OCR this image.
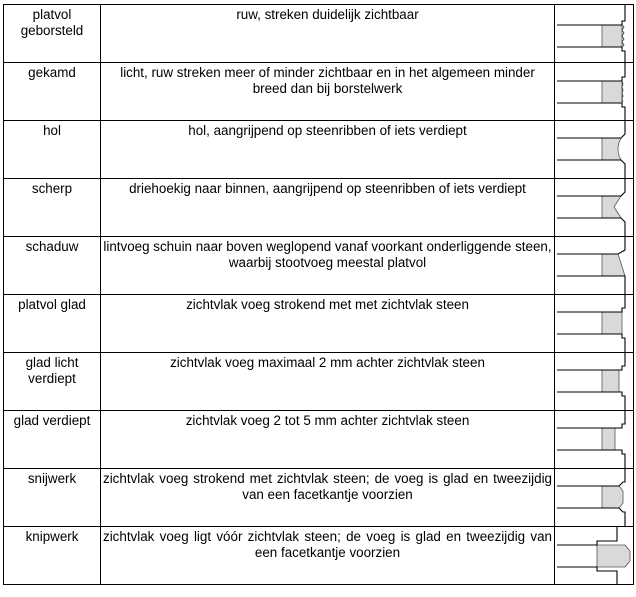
platvol
geborsteld	ruw, streken duidelijk zichtbaar	

gekamd	licht, ruw streken meer of minder zichtbaar en in het algemeen minder breed dan bij borstelwerk	

hol	hol, aangrijpend op steenribben of iets verdiept	

scherp	driehoekig naar binnen, aangrijpend op steenribben of iets verdiept	

schaduw	lintvoeg schuin naar boven weglopend vanaf voorkant onderliggende steen, waarbij stootvoeg meestal platvol	

platvol glad	zichtvlak voeg strokend met met zichtvlak steen	

glad licht
verdiept	zichtvlak voeg maximaal 2 mm achter zichtvlak steen	

glad verdiept	zichtvlak voeg 2 tot 5 mm achter zichtvlak steen	

snijwerk	zichtvlak voeg strokend met zichtvlak steen; de voeg is glad en tweezijdig van een facetkantje voorzien

knipwerk	zichtvlak voeg ligt vóór zichtvlak steen; de voeg is glad en tweezijdig van een facetkantje voorzien
